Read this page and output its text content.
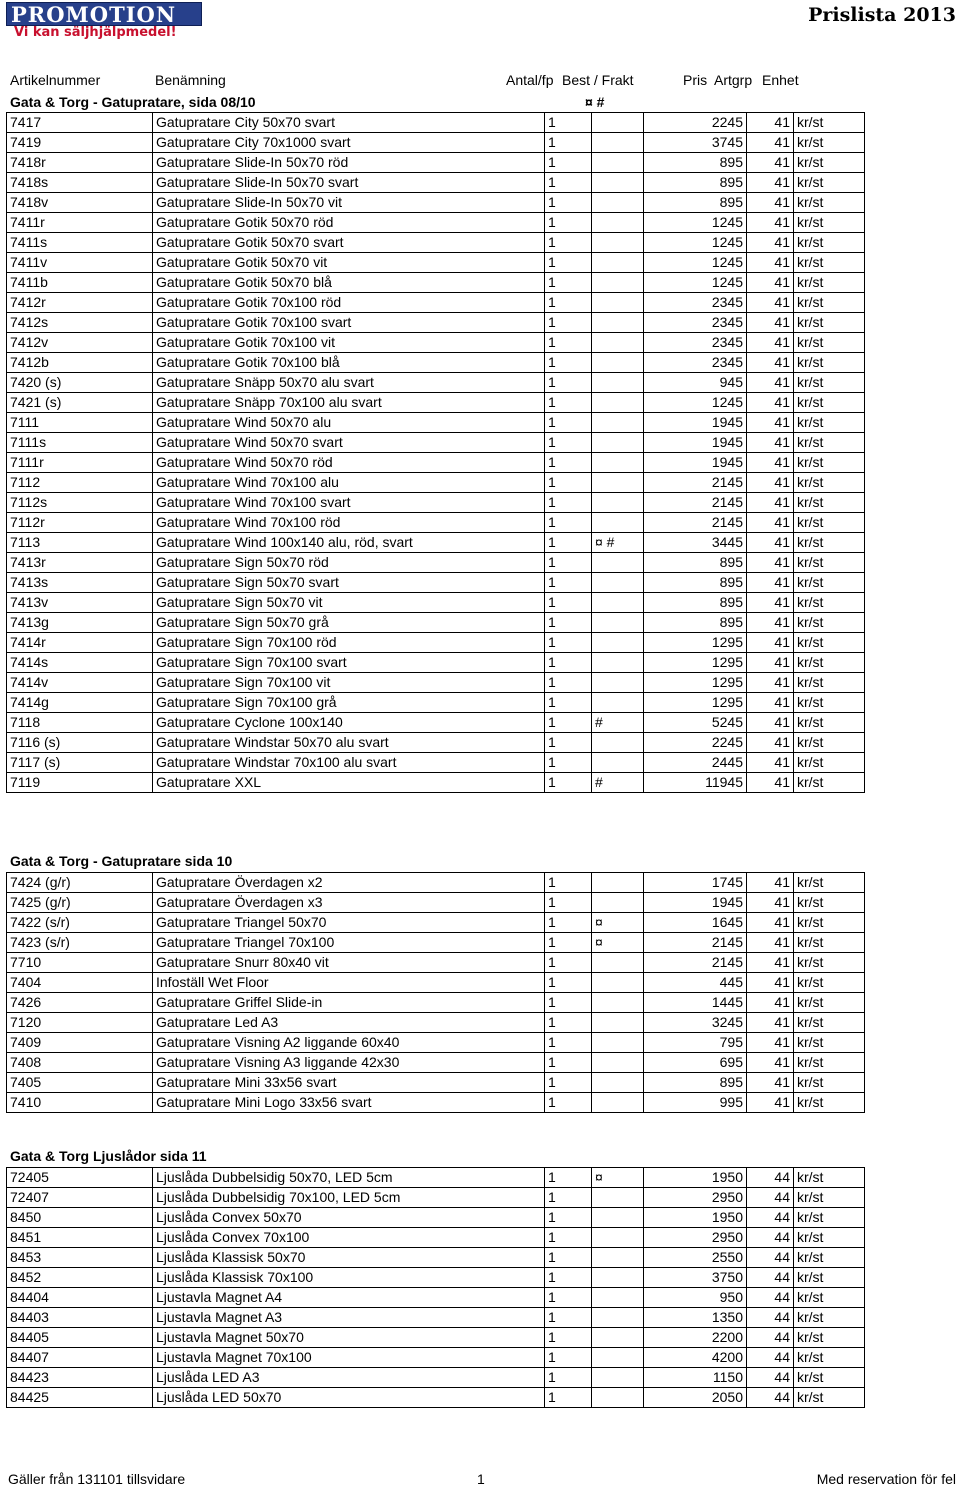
PROMOTION
Vi kan säljhjälpmedel!
Prislista 2013
Artikelnummer	Benämning	Antal/fp Best / Frakt	Pris Artgrp Enhet
Gata & Torg - Gatupratare, sida 08/10	¤ #
7417	Gatupratare City 50x70 svart	1		2245	41	kr/st
7419	Gatupratare City 70x1000 svart	1		3745	41	kr/st
7418r	Gatupratare Slide-In 50x70 röd	1		895	41	kr/st
7418s	Gatupratare Slide-In 50x70 svart	1		895	41	kr/st
7418v	Gatupratare Slide-In 50x70 vit	1		895	41	kr/st
7411r	Gatupratare Gotik 50x70 röd	1		1245	41	kr/st
7411s	Gatupratare Gotik 50x70 svart	1		1245	41	kr/st
7411v	Gatupratare Gotik 50x70 vit	1		1245	41	kr/st
7411b	Gatupratare Gotik 50x70 blå	1		1245	41	kr/st
7412r	Gatupratare Gotik 70x100 röd	1		2345	41	kr/st
7412s	Gatupratare Gotik 70x100 svart	1		2345	41	kr/st
7412v	Gatupratare Gotik 70x100 vit	1		2345	41	kr/st
7412b	Gatupratare Gotik 70x100 blå	1		2345	41	kr/st
7420 (s)	Gatupratare Snäpp 50x70 alu svart	1		945	41	kr/st
7421 (s)	Gatupratare Snäpp 70x100 alu svart	1		1245	41	kr/st
7111	Gatupratare Wind 50x70 alu	1		1945	41	kr/st
7111s	Gatupratare Wind 50x70 svart	1		1945	41	kr/st
7111r	Gatupratare Wind 50x70 röd	1		1945	41	kr/st
7112	Gatupratare Wind 70x100 alu	1		2145	41	kr/st
7112s	Gatupratare Wind 70x100 svart	1		2145	41	kr/st
7112r	Gatupratare Wind 70x100 röd	1		2145	41	kr/st
7113	Gatupratare Wind 100x140 alu, röd, svart	1	¤ #	3445	41	kr/st
7413r	Gatupratare Sign 50x70 röd	1		895	41	kr/st
7413s	Gatupratare Sign 50x70 svart	1		895	41	kr/st
7413v	Gatupratare Sign 50x70 vit	1		895	41	kr/st
7413g	Gatupratare Sign 50x70 grå	1		895	41	kr/st
7414r	Gatupratare Sign 70x100 röd	1		1295	41	kr/st
7414s	Gatupratare Sign 70x100 svart	1		1295	41	kr/st
7414v	Gatupratare Sign 70x100 vit	1		1295	41	kr/st
7414g	Gatupratare Sign 70x100 grå	1		1295	41	kr/st
7118	Gatupratare Cyclone 100x140	1	#	5245	41	kr/st
7116 (s)	Gatupratare Windstar 50x70 alu svart	1		2245	41	kr/st
7117 (s)	Gatupratare Windstar 70x100 alu svart	1		2445	41	kr/st
7119	Gatupratare XXL	1	#	11945	41	kr/st
Gata & Torg - Gatupratare sida 10
7424 (g/r)	Gatupratare Överdagen x2	1		1745	41	kr/st
7425 (g/r)	Gatupratare Överdagen x3	1		1945	41	kr/st
7422 (s/r)	Gatupratare Triangel 50x70	1	¤	1645	41	kr/st
7423 (s/r)	Gatupratare Triangel 70x100	1	¤	2145	41	kr/st
7710	Gatupratare Snurr 80x40 vit	1		2145	41	kr/st
7404	Infoställ Wet Floor	1		445	41	kr/st
7426	Gatupratare Griffel Slide-in	1		1445	41	kr/st
7120	Gatupratare Led A3	1		3245	41	kr/st
7409	Gatupratare Visning A2 liggande 60x40	1		795	41	kr/st
7408	Gatupratare Visning A3 liggande 42x30	1		695	41	kr/st
7405	Gatupratare Mini 33x56 svart	1		895	41	kr/st
7410	Gatupratare Mini Logo 33x56 svart	1		995	41	kr/st
Gata & Torg Ljuslådor sida 11
72405	Ljuslåda Dubbelsidig 50x70, LED 5cm	1	¤	1950	44	kr/st
72407	Ljuslåda Dubbelsidig 70x100, LED 5cm	1		2950	44	kr/st
8450	Ljuslåda Convex 50x70	1		1950	44	kr/st
8451	Ljuslåda Convex 70x100	1		2950	44	kr/st
8453	Ljuslåda Klassisk 50x70	1		2550	44	kr/st
8452	Ljuslåda Klassisk 70x100	1		3750	44	kr/st
84404	Ljustavla Magnet A4	1		950	44	kr/st
84403	Ljustavla Magnet A3	1		1350	44	kr/st
84405	Ljustavla Magnet 50x70	1		2200	44	kr/st
84407	Ljustavla Magnet 70x100	1		4200	44	kr/st
84423	Ljuslåda LED A3	1		1150	44	kr/st
84425	Ljuslåda LED 50x70	1		2050	44	kr/st
Gäller från 131101 tillsvidare	1	Med reservation för fel
